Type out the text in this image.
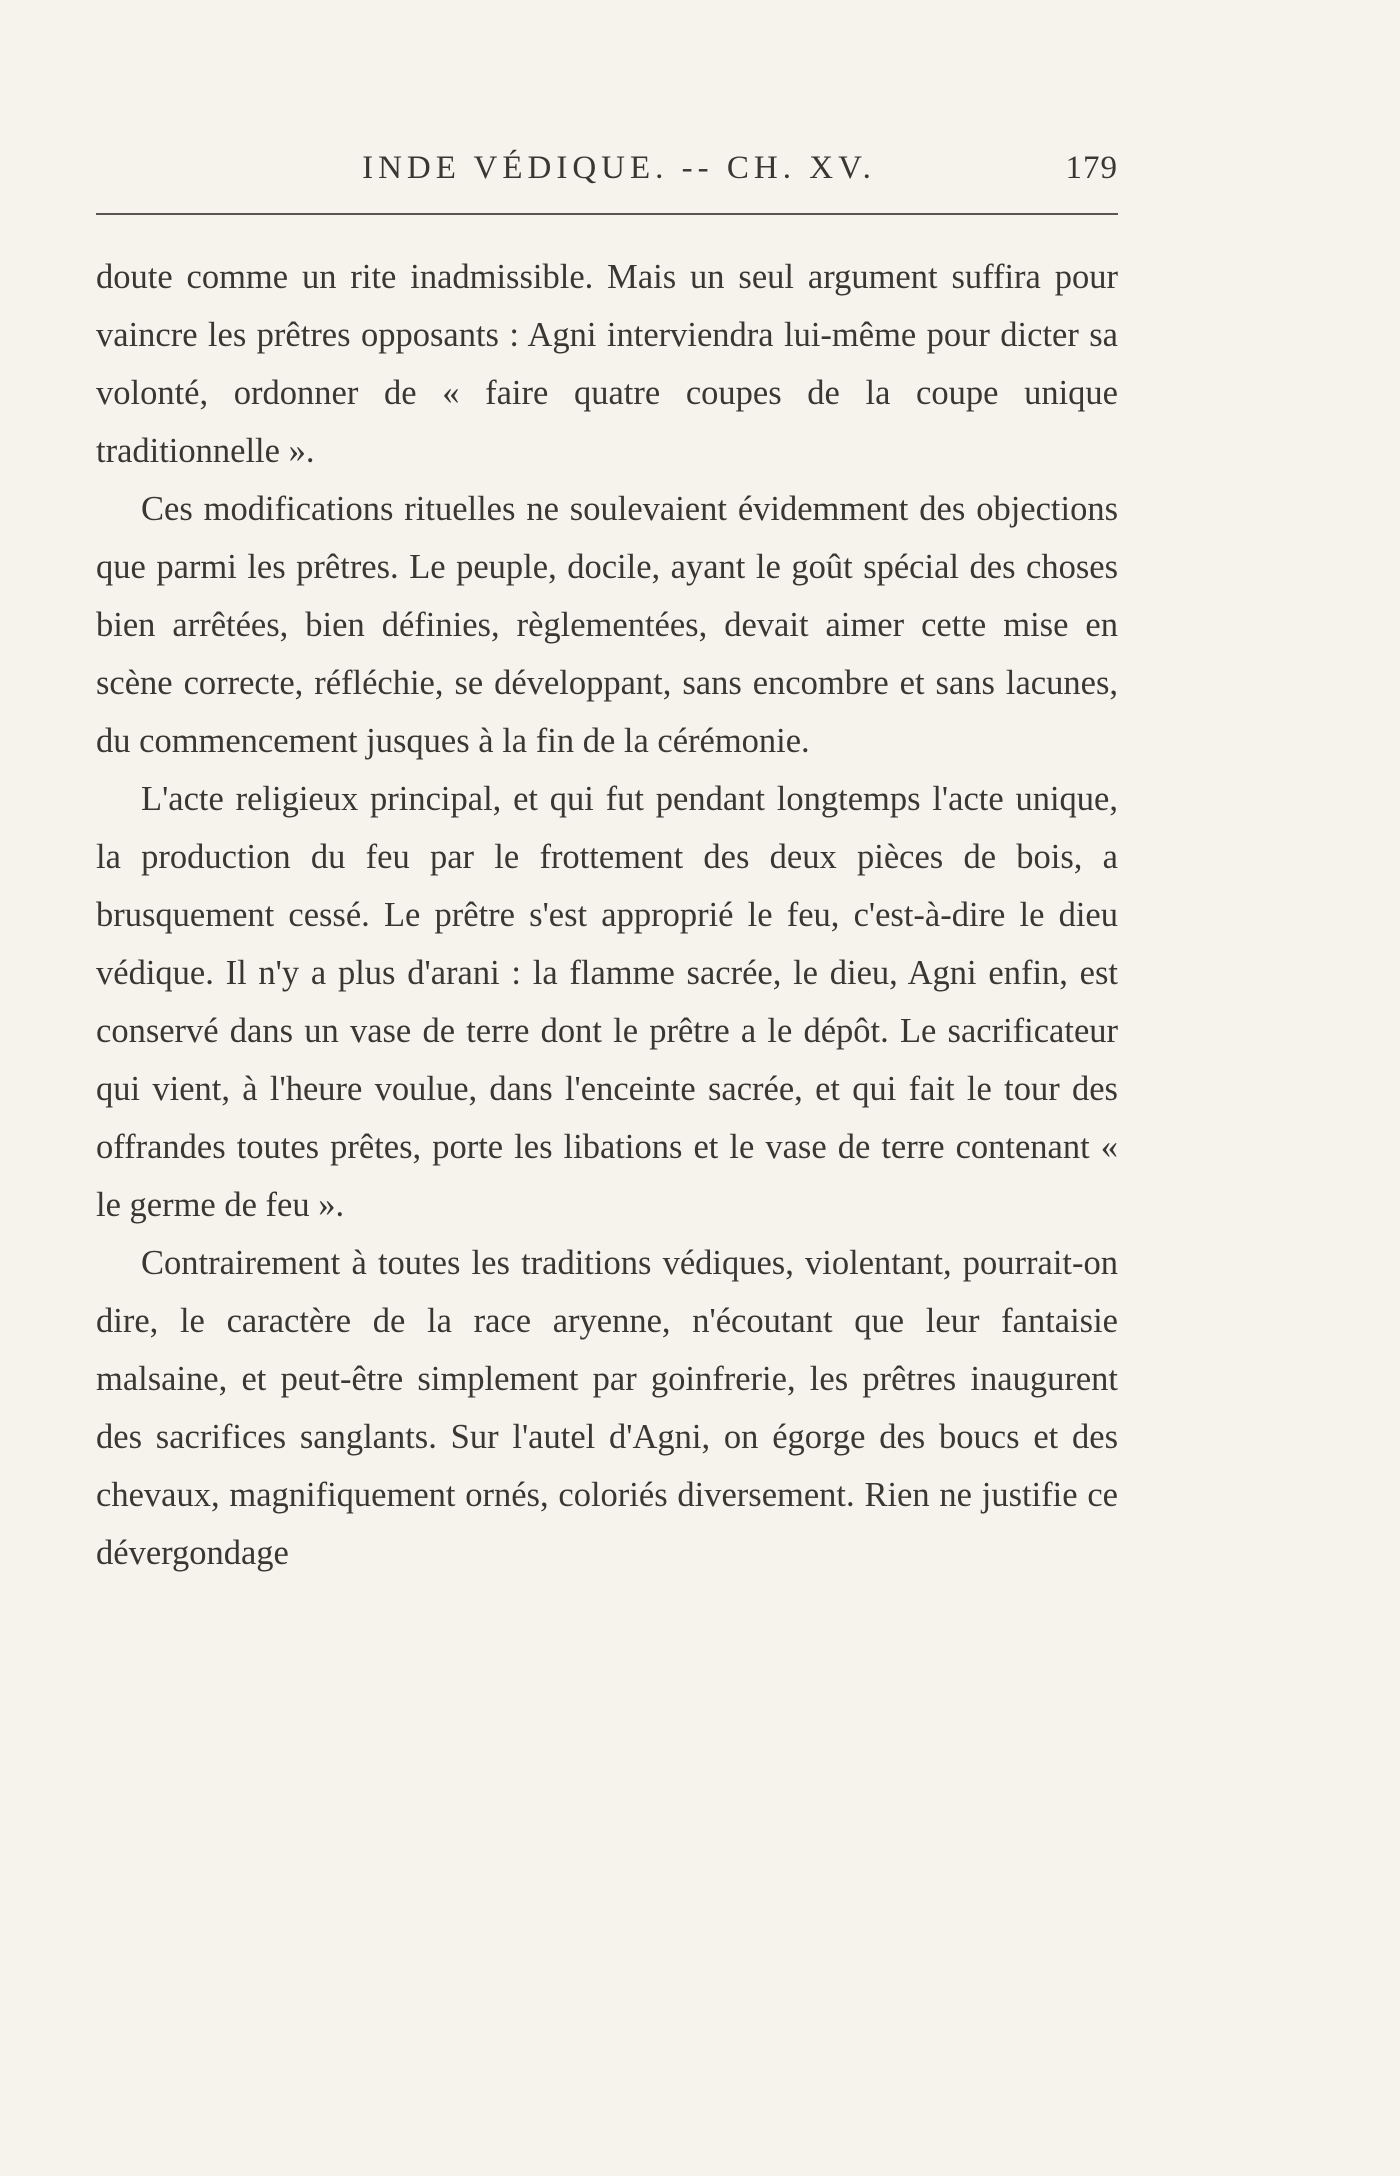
INDE VÉDIQUE. -- CH. XV.	179

doute comme un rite inadmissible. Mais un seul argument suffira pour vaincre les prêtres opposants : Agni interviendra lui-même pour dicter sa volonté, ordonner de « faire quatre coupes de la coupe unique traditionnelle ».

Ces modifications rituelles ne soulevaient évidemment des objections que parmi les prêtres. Le peuple, docile, ayant le goût spécial des choses bien arrêtées, bien définies, règlementées, devait aimer cette mise en scène correcte, réfléchie, se développant, sans encombre et sans lacunes, du commencement jusques à la fin de la cérémonie.

L'acte religieux principal, et qui fut pendant longtemps l'acte unique, la production du feu par le frottement des deux pièces de bois, a brusquement cessé. Le prêtre s'est approprié le feu, c'est-à-dire le dieu védique. Il n'y a plus d'arani : la flamme sacrée, le dieu, Agni enfin, est conservé dans un vase de terre dont le prêtre a le dépôt. Le sacrificateur qui vient, à l'heure voulue, dans l'enceinte sacrée, et qui fait le tour des offrandes toutes prêtes, porte les libations et le vase de terre contenant « le germe de feu ».

Contrairement à toutes les traditions védiques, violentant, pourrait-on dire, le caractère de la race aryenne, n'écoutant que leur fantaisie malsaine, et peut-être simplement par goinfrerie, les prêtres inaugurent des sacrifices sanglants. Sur l'autel d'Agni, on égorge des boucs et des chevaux, magnifiquement ornés, coloriés diversement. Rien ne justifie ce dévergondage
